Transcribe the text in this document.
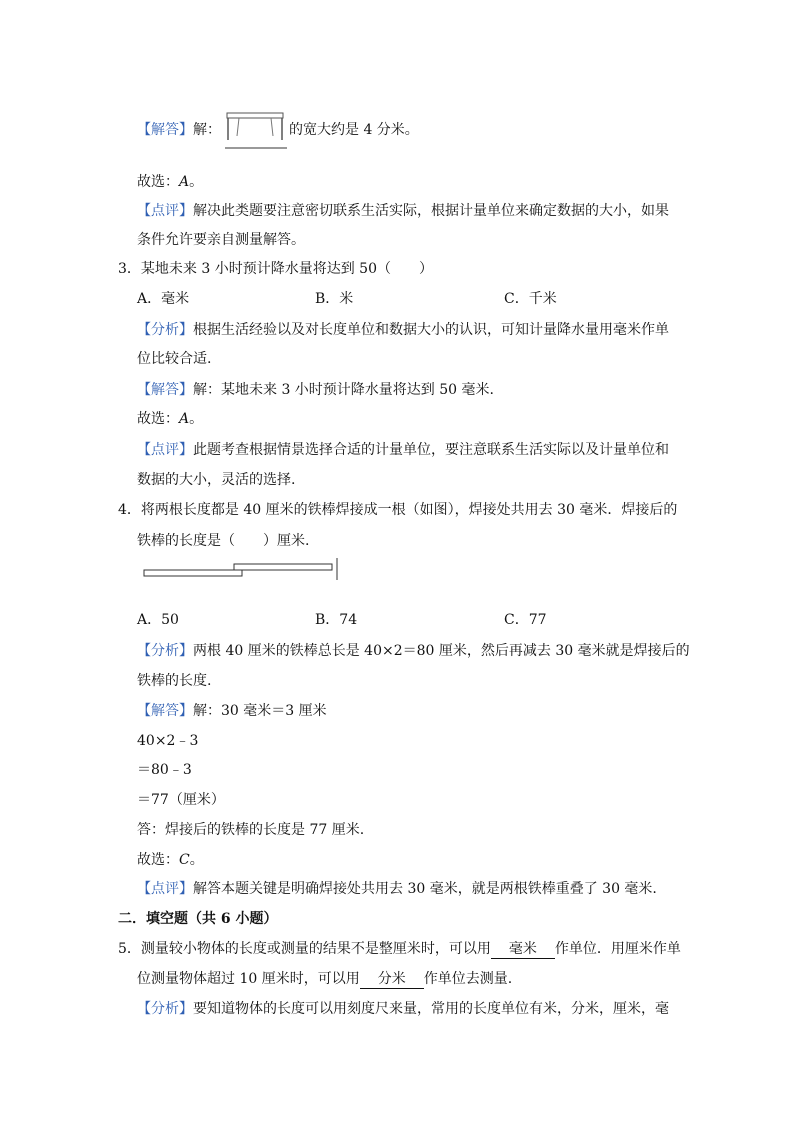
【解答】解：	的宽大约是 4 分米。
故选：A。
【点评】解决此类题要注意密切联系生活实际，根据计量单位来确定数据的大小，如果
条件允许要亲自测量解答。
3．某地未来 3 小时预计降水量将达到 50（　　）
A．毫米	B．米	C．千米
【分析】根据生活经验以及对长度单位和数据大小的认识，可知计量降水量用毫米作单
位比较合适.
【解答】解：某地未来 3 小时预计降水量将达到 50 毫米.
故选：A。
【点评】此题考查根据情景选择合适的计量单位，要注意联系生活实际以及计量单位和
数据的大小，灵活的选择.
4．将两根长度都是 40 厘米的铁棒焊接成一根（如图），焊接处共用去 30 毫米．焊接后的
铁棒的长度是（　　）厘米.
A．50	B．74	C．77
【分析】两根 40 厘米的铁棒总长是 40×2＝80 厘米，然后再减去 30 毫米就是焊接后的
铁棒的长度.
【解答】解：30 毫米＝3 厘米
40×2﹣3
＝80﹣3
＝77（厘米）
答：焊接后的铁棒的长度是 77 厘米.
故选：C。
【点评】解答本题关键是明确焊接处共用去 30 毫米，就是两根铁棒重叠了 30 毫米.
二．填空题（共 6 小题）
5．测量较小物体的长度或测量的结果不是整厘米时，可以用 毫米 作单位．用厘米作单
位测量物体超过 10 厘米时，可以用 分米 作单位去测量.
【分析】要知道物体的长度可以用刻度尺来量，常用的长度单位有米，分米，厘米，毫
